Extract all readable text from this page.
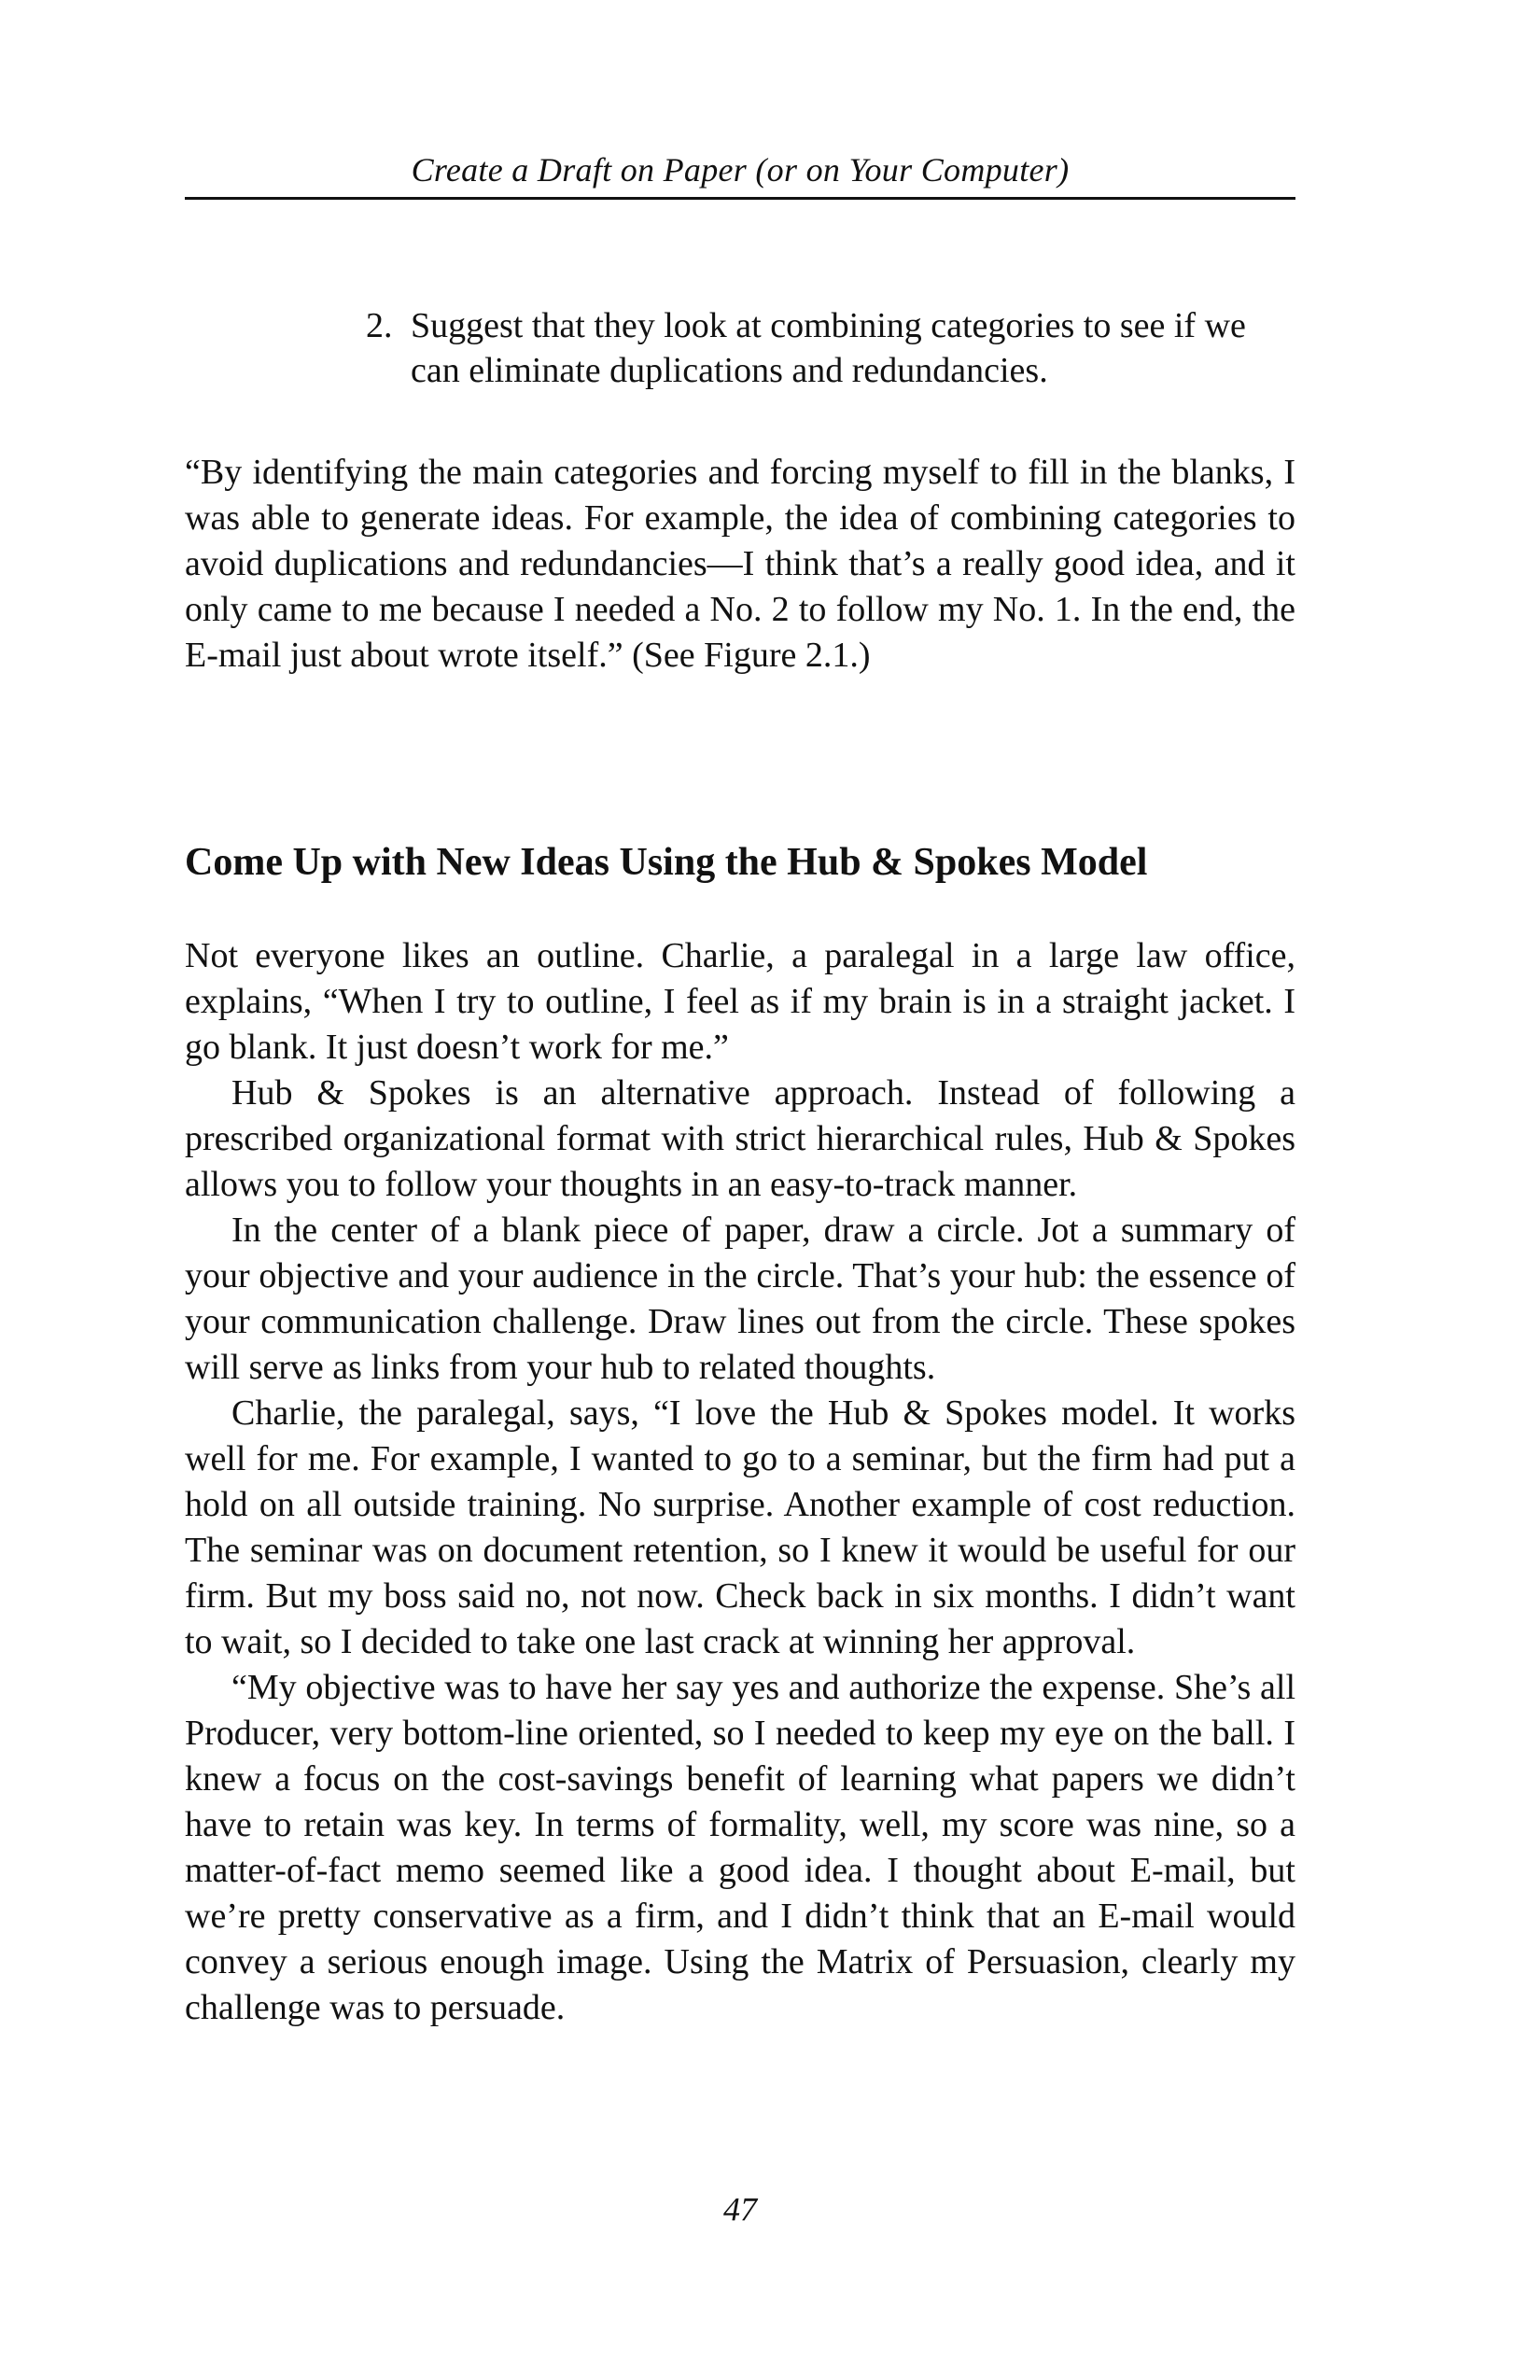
Create a Draft on Paper (or on Your Computer)
2. Suggest that they look at combining categories to see if we can eliminate duplications and redundancies.

“By identifying the main categories and forcing myself to fill in the blanks, I was able to generate ideas. For example, the idea of combining categories to avoid duplications and redundancies—I think that’s a really good idea, and it only came to me because I needed a No. 2 to follow my No. 1. In the end, the E-mail just about wrote itself.” (See Figure 2.1.)

Come Up with New Ideas Using the Hub & Spokes Model

Not everyone likes an outline. Charlie, a paralegal in a large law office, explains, “When I try to outline, I feel as if my brain is in a straight jacket. I go blank. It just doesn’t work for me.”

Hub & Spokes is an alternative approach. Instead of following a prescribed organizational format with strict hierarchical rules, Hub & Spokes allows you to follow your thoughts in an easy-to-track manner.

In the center of a blank piece of paper, draw a circle. Jot a summary of your objective and your audience in the circle. That’s your hub: the essence of your communication challenge. Draw lines out from the circle. These spokes will serve as links from your hub to related thoughts.

Charlie, the paralegal, says, “I love the Hub & Spokes model. It works well for me. For example, I wanted to go to a seminar, but the firm had put a hold on all outside training. No surprise. Another example of cost reduction. The seminar was on document retention, so I knew it would be useful for our firm. But my boss said no, not now. Check back in six months. I didn’t want to wait, so I decided to take one last crack at winning her approval.

“My objective was to have her say yes and authorize the expense. She’s all Producer, very bottom-line oriented, so I needed to keep my eye on the ball. I knew a focus on the cost-savings benefit of learning what papers we didn’t have to retain was key. In terms of formality, well, my score was nine, so a matter-of-fact memo seemed like a good idea. I thought about E-mail, but we’re pretty conservative as a firm, and I didn’t think that an E-mail would convey a serious enough image. Using the Matrix of Persuasion, clearly my challenge was to persuade.

47
